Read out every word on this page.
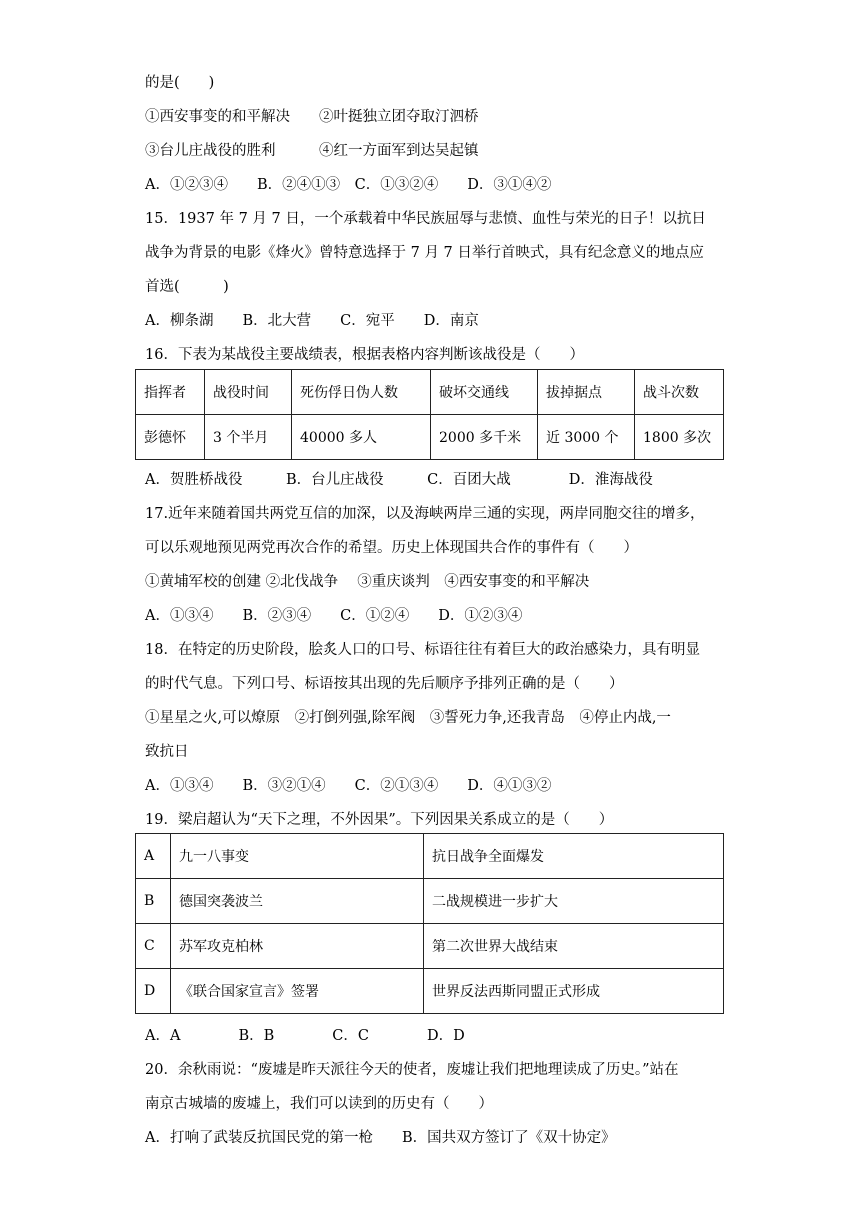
的是(　　)
①西安事变的和平解决　　②叶挺独立团夺取汀泗桥
③台儿庄战役的胜利　　　④红一方面军到达吴起镇
A．①②③④　　B．②④①③　C．①③②④　　D．③①④②
15．1937 年 7 月 7 日，一个承载着中华民族屈辱与悲愤、血性与荣光的日子！以抗日
战争为背景的电影《烽火》曾特意选择于 7 月 7 日举行首映式，具有纪念意义的地点应
首选(　　　)
A．柳条湖　　B．北大营　　C．宛平　　D．南京
16．下表为某战役主要战绩表，根据表格内容判断该战役是（　　）
指挥者	战役时间	死伤俘日伪人数	破坏交通线	拔掉据点	战斗次数
彭德怀	3 个半月	40000 多人	2000 多千米	近 3000 个	1800 多次
A．贺胜桥战役　　　B．台儿庄战役　　　C．百团大战　　　　D．淮海战役
17.近年来随着国共两党互信的加深，以及海峡两岸三通的实现，两岸同胞交往的增多，
可以乐观地预见两党再次合作的希望。历史上体现国共合作的事件有（　　）
①黄埔军校的创建 ②北伐战争　 ③重庆谈判　④西安事变的和平解决
A．①③④　　B．②③④　　C．①②④　　D．①②③④
18．在特定的历史阶段，脍炙人口的口号、标语往往有着巨大的政治感染力，具有明显
的时代气息。下列口号、标语按其出现的先后顺序予排列正确的是（　　）
①星星之火,可以燎原　②打倒列强,除军阀　③誓死力争,还我青岛　④停止内战,一
致抗日
A．①③④　　B．③②①④　　C．②①③④　　D．④①③②
19．梁启超认为“天下之理，不外因果”。下列因果关系成立的是（　　）
A	九一八事变	抗日战争全面爆发
B	德国突袭波兰	二战规模进一步扩大
C	苏军攻克柏林	第二次世界大战结束
D	《联合国家宣言》签署	世界反法西斯同盟正式形成
A．A　　　　B．B　　　　C．C　　　　D．D
20．余秋雨说：“废墟是昨天派往今天的使者，废墟让我们把地理读成了历史。”站在
南京古城墙的废墟上，我们可以读到的历史有（　　）
A．打响了武装反抗国民党的第一枪　　B．国共双方签订了《双十协定》
